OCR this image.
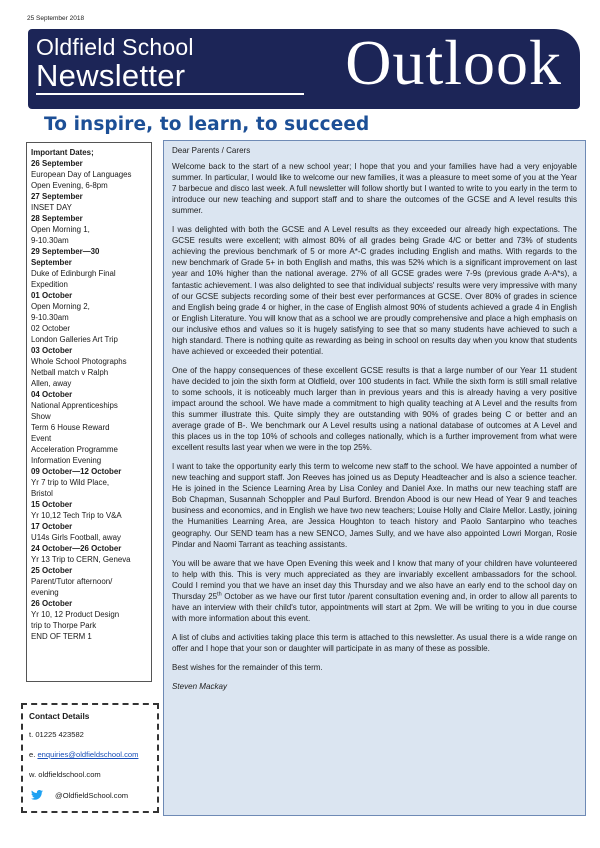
25 September 2018
Oldfield School
Newsletter Outlook
To inspire, to learn, to succeed
Important Dates;
26 September
European Day of Languages
Open Evening, 6-8pm
27 September
INSET DAY
28 September
Open Morning 1,
9-10.30am
29 September—30
September
Duke of Edinburgh Final
Expedition
01 October
Open Morning 2,
9-10.30am
02 October
London Galleries Art Trip
03 October
Whole School Photographs
Netball match v Ralph
Allen, away
04 October
National Apprenticeships
Show
Term 6 House Reward
Event
Acceleration Programme
Information Evening
09 October—12 October
Yr 7 trip to Wild Place,
Bristol
15 October
Yr 10,12 Tech Trip to V&A
17 October
U14s Girls Football, away
24 October—26 October
Yr 13 Trip to CERN, Geneva
25 October
Parent/Tutor afternoon/
evening
26 October
Yr 10, 12 Product Design
trip to Thorpe Park
END OF TERM 1
Contact Details
t. 01225 423582
e. enquiries@oldfieldschool.com
w. oldfieldschool.com
@OldfieldSchool.com

Dear Parents / Carers

Welcome back to the start of a new school year; I hope that you and your families have had a very enjoyable summer. In particular, I would like to welcome our new families, it was a pleasure to meet some of you at the Year 7 barbecue and disco last week. A full newsletter will follow shortly but I wanted to write to you early in the term to introduce our new teaching and support staff and to share the outcomes of the GCSE and A level results this summer.

I was delighted with both the GCSE and A Level results as they exceeded our already high expectations. The GCSE results were excellent; with almost 80% of all grades being Grade 4/C or better and 73% of students achieving the previous benchmark of 5 or more A*-C grades including English and maths. With regards to the new benchmark of Grade 5+ in both English and maths, this was 52% which is a significant improvement on last year and 10% higher than the national average. 27% of all GCSE grades were 7-9s (previous grade A-A*s), a fantastic achievement. I was also delighted to see that individual subjects' results were very impressive with many of our GCSE subjects recording some of their best ever performances at GCSE. Over 80% of grades in science and English being grade 4 or higher, in the case of English almost 90% of students achieved a grade 4 in English or English Literature. You will know that as a school we are proudly comprehensive and place a high emphasis on our inclusive ethos and values so it is hugely satisfying to see that so many students have achieved to such a high standard. There is nothing quite as rewarding as being in school on results day when you know that students have achieved or exceeded their potential.

One of the happy consequences of these excellent GCSE results is that a large number of our Year 11 student have decided to join the sixth form at Oldfield, over 100 students in fact. While the sixth form is still small relative to some schools, it is noticeably much larger than in previous years and this is already having a very positive impact around the school. We have made a commitment to high quality teaching at A Level and the results from this summer illustrate this. Quite simply they are outstanding with 90% of grades being C or better and an average grade of B-. We benchmark our A Level results using a national database of outcomes at A Level and this places us in the top 10% of schools and colleges nationally, which is a further improvement from what were excellent results last year when we were in the top 25%.

I want to take the opportunity early this term to welcome new staff to the school. We have appointed a number of new teaching and support staff. Jon Reeves has joined us as Deputy Headteacher and is also a science teacher. He is joined in the Science Learning Area by Lisa Conley and Daniel Axe. In maths our new teaching staff are Bob Chapman, Susannah Schoppler and Paul Burford. Brendon Abood is our new Head of Year 9 and teaches business and economics, and in English we have two new teachers; Louise Holly and Claire Mellor. Lastly, joining the Humanities Learning Area, are Jessica Houghton to teach history and Paolo Santarpino who teaches geography. Our SEND team has a new SENCO, James Sully, and we have also appointed Lowri Morgan, Rosie Pindar and Naomi Tarrant as teaching assistants.

You will be aware that we have Open Evening this week and I know that many of your children have volunteered to help with this. This is very much appreciated as they are invariably excellent ambassadors for the school. Could I remind you that we have an inset day this Thursday and we also have an early end to the school day on Thursday 25th October as we have our first tutor /parent consultation evening and, in order to allow all parents to have an interview with their child's tutor, appointments will start at 2pm. We will be writing to you in due course with more information about this event.

A list of clubs and activities taking place this term is attached to this newsletter. As usual there is a wide range on offer and I hope that your son or daughter will participate in as many of these as possible.

Best wishes for the remainder of this term.

Steven Mackay
